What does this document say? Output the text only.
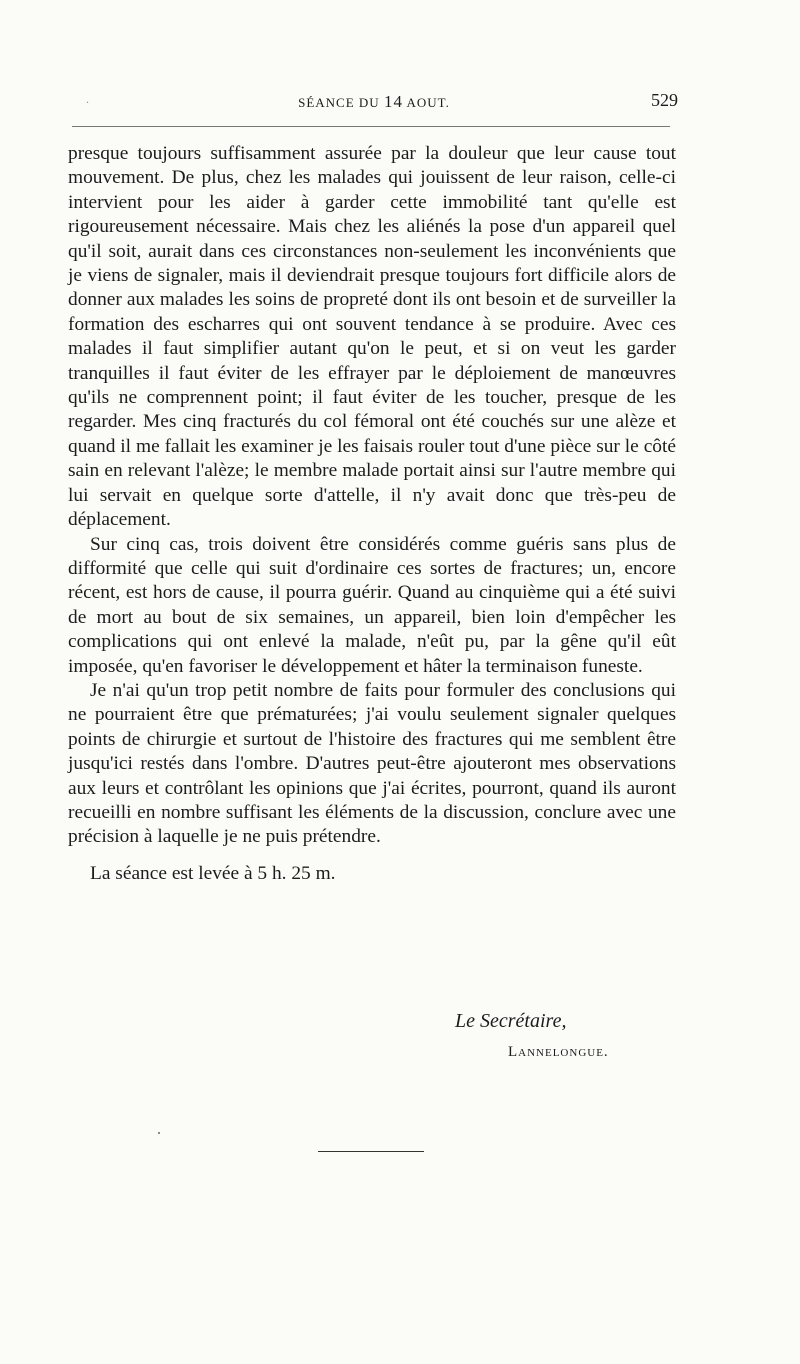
.	SÉANCE DU 14 AOUT.	529

presque toujours suffisamment assurée par la douleur que leur cause tout mouvement. De plus, chez les malades qui jouissent de leur raison, celle-ci intervient pour les aider à garder cette immobilité tant qu'elle est rigoureusement nécessaire. Mais chez les aliénés la pose d'un appareil quel qu'il soit, aurait dans ces circonstances non-seulement les inconvénients que je viens de signaler, mais il deviendrait presque toujours fort difficile alors de donner aux malades les soins de propreté dont ils ont besoin et de surveiller la formation des escharres qui ont souvent tendance à se produire. Avec ces malades il faut simplifier autant qu'on le peut, et si on veut les garder tranquilles il faut éviter de les effrayer par le déploiement de manœuvres qu'ils ne comprennent point; il faut éviter de les toucher, presque de les regarder. Mes cinq fracturés du col fémoral ont été couchés sur une alèze et quand il me fallait les examiner je les faisais rouler tout d'une pièce sur le côté sain en relevant l'alèze; le membre malade portait ainsi sur l'autre membre qui lui servait en quelque sorte d'attelle, il n'y avait donc que très-peu de déplacement.

Sur cinq cas, trois doivent être considérés comme guéris sans plus de difformité que celle qui suit d'ordinaire ces sortes de fractures; un, encore récent, est hors de cause, il pourra guérir. Quand au cinquième qui a été suivi de mort au bout de six semaines, un appareil, bien loin d'empêcher les complications qui ont enlevé la malade, n'eût pu, par la gêne qu'il eût imposée, qu'en favoriser le développement et hâter la terminaison funeste.

Je n'ai qu'un trop petit nombre de faits pour formuler des conclusions qui ne pourraient être que prématurées; j'ai voulu seulement signaler quelques points de chirurgie et surtout de l'histoire des fractures qui me semblent être jusqu'ici restés dans l'ombre. D'autres peut-être ajouteront mes observations aux leurs et contrôlant les opinions que j'ai écrites, pourront, quand ils auront recueilli en nombre suffisant les éléments de la discussion, conclure avec une précision à laquelle je ne puis prétendre.

La séance est levée à 5 h. 25 m.

Le Secrétaire,
Lannelongue.
